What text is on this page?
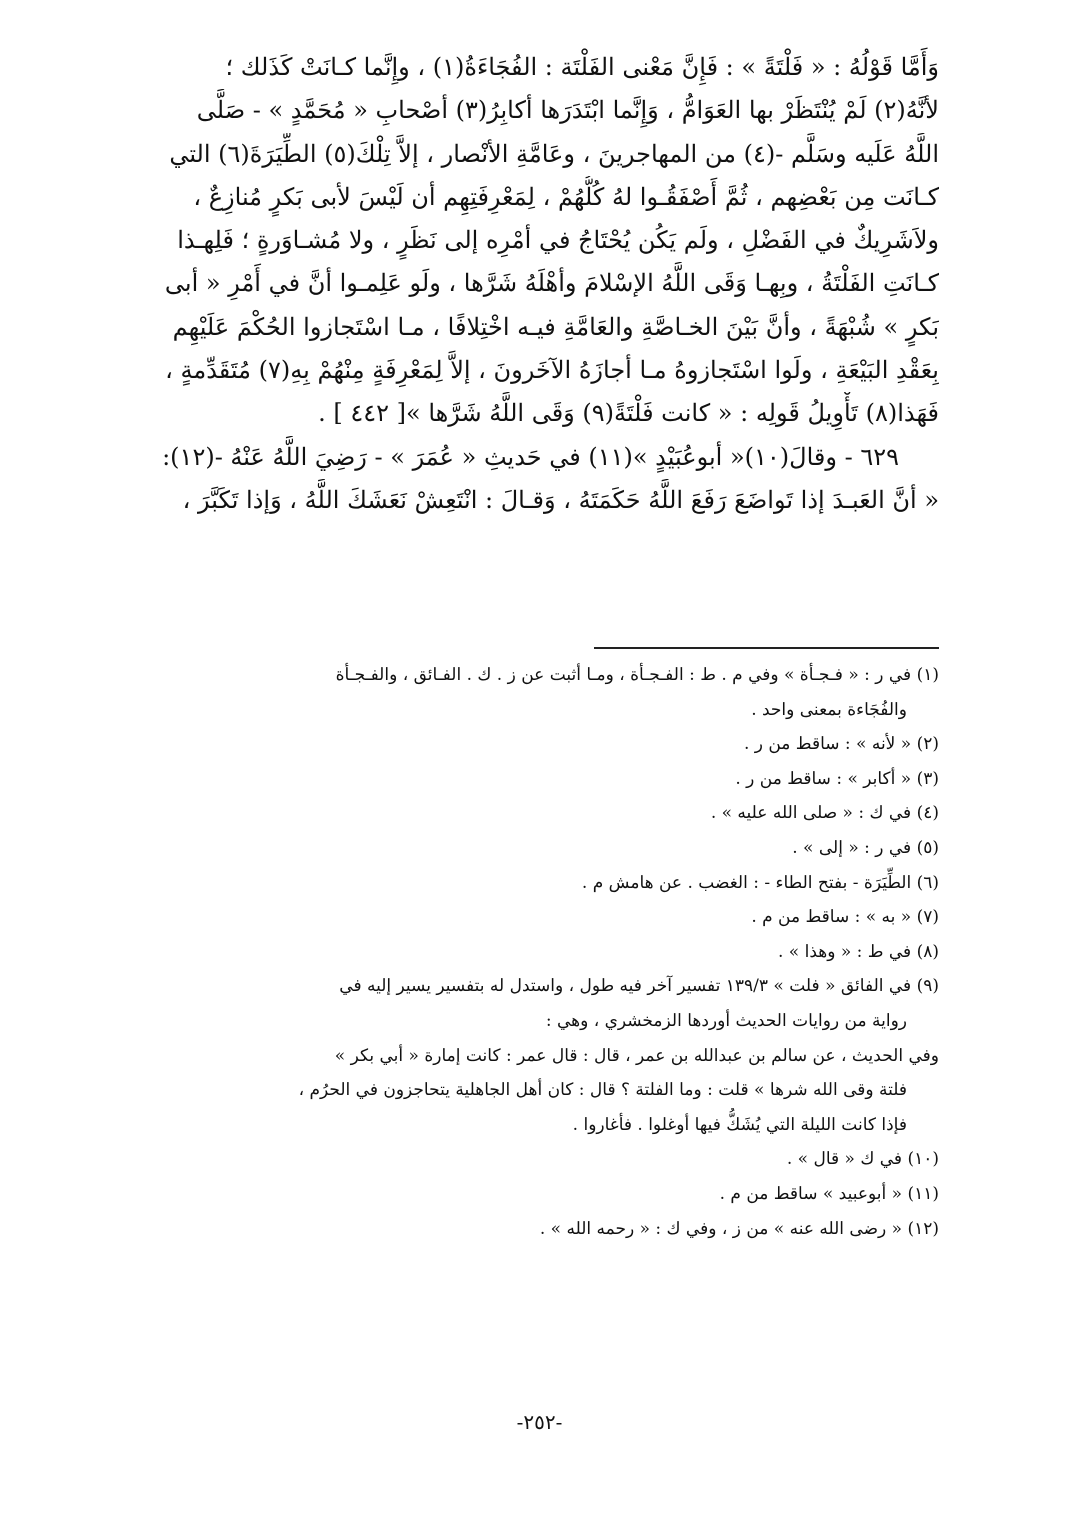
وَأَمَّا قَوْلُهُ : « فَلْتَةً » : فَإِنَّ مَعْنى الفَلْتَة : الفُجَاءَةُ(١) ، وإِنَّما كـانَتْ كَذَلك ؛
لأنَّهُ(٢) لَمْ يُنْتَظَرْ بها العَوَامُّ ، وَإِنَّما ابْتَدَرَها أكابِرُ(٣) أصْحابِ « مُحَمَّدٍ » - صَلَّى
اللَّهُ عَلَيه وسَلَّم -(٤) من المهاجرينَ ، وعَامَّةِ الأنْصار ، إلاَّ تِلْكَ(٥) الطِّيَرَةَ(٦) التي
كـانَت مِن بَعْضِهم ، ثُمَّ أَصْفَقُـوا لهُ كُلُّهُمْ ، لِمَعْرِفَتِهِم أن لَيْسَ لأبى بَكرٍ مُنازِعٌ ،
ولاَشَرِيكٌ في الفَضْلِ ، ولَم يَكُن يُحْتَاجُ في أمْرِه إلى نَظَرٍ ، ولا مُشـاوَرةٍ ؛ فَلِهـذا
كـانَتِ الفَلْتَةُ ، وبِهـا وَقَى اللَّهُ الإسْلامَ وأهْلَهُ شَرَّها ، ولَو عَلِمـوا أنَّ في أَمْرِ « أبى
بَكرٍ » شُبْهَةً ، وأنَّ بَيْنَ الخـاصَّةِ والعَامَّةِ فيـه اخْتِلافًا ، مـا اسْتَجازوا الحُكْمَ عَلَيْهِم
بِعَقْدِ البَيْعَةِ ، ولَوا اسْتَجازوهُ مـا أجازَهُ الآخَرونَ ، إلاَّ لِمَعْرِفَةٍ مِنْهُمْ بِهِ(٧) مُتَقَدِّمةٍ ،
فَهَذا(٨) تَأْوِيلُ قَولِه : « كانت فَلْتَةً(٩) وَقَى اللَّهُ شَرَّها »[ ٤٤٢ ] .
٦٢٩ - وقالَ(١٠)« أبوعُبَيْدٍ »(١١) في حَديثِ « عُمَرَ » - رَضِيَ اللَّهُ عَنْهُ -(١٢):
« أنَّ العَبـدَ إذا تَواضَعَ رَفَعَ اللَّهُ حَكَمَتَهُ ، وَقـالَ : انْتَعِشْ نَعَشَكَ اللَّهُ ، وَإذا تَكَبَّرَ ،
(١) في ر : « فـجـأة » وفي م . ط : الفـجـأة ، ومـا أثبت عن ز . ك . الفـائق ، والفـجـأة
والفُجَاءة بمعنى واحد .
(٢) « لأنه » : ساقط من ر .
(٣) « أكابر » : ساقط من ر .
(٤) في ك : « صلى الله عليه » .
(٥) في ر : « إلى » .
(٦) الطِّيَرَة - بفتح الطاء - : الغضب . عن هامش م .
(٧) « به » : ساقط من م .
(٨) في ط : « وهذا » .
(٩) في الفائق « فلت » ١٣٩/٣ تفسير آخر فيه طول ، واستدل له بتفسير يسير إليه في
رواية من روايات الحديث أوردها الزمخشري ، وهي :
وفي الحديث ، عن سالم بن عبدالله بن عمر ، قال : قال عمر : كانت إمارة « أبي بكر »
فلتة وقى الله شرها » قلت : وما الفلتة ؟ قال : كان أهل الجاهلية يتحاجزون في الحرُم ،
فإذا كانت الليلة التي يُشَكُّ فيها أوغلوا . فأغاروا .
(١٠) في ك « قال » .
(١١) « أبوعبيد » ساقط من م .
(١٢) « رضى الله عنه » من ز ، وفي ك : « رحمه الله » .
-٢٥٢-
